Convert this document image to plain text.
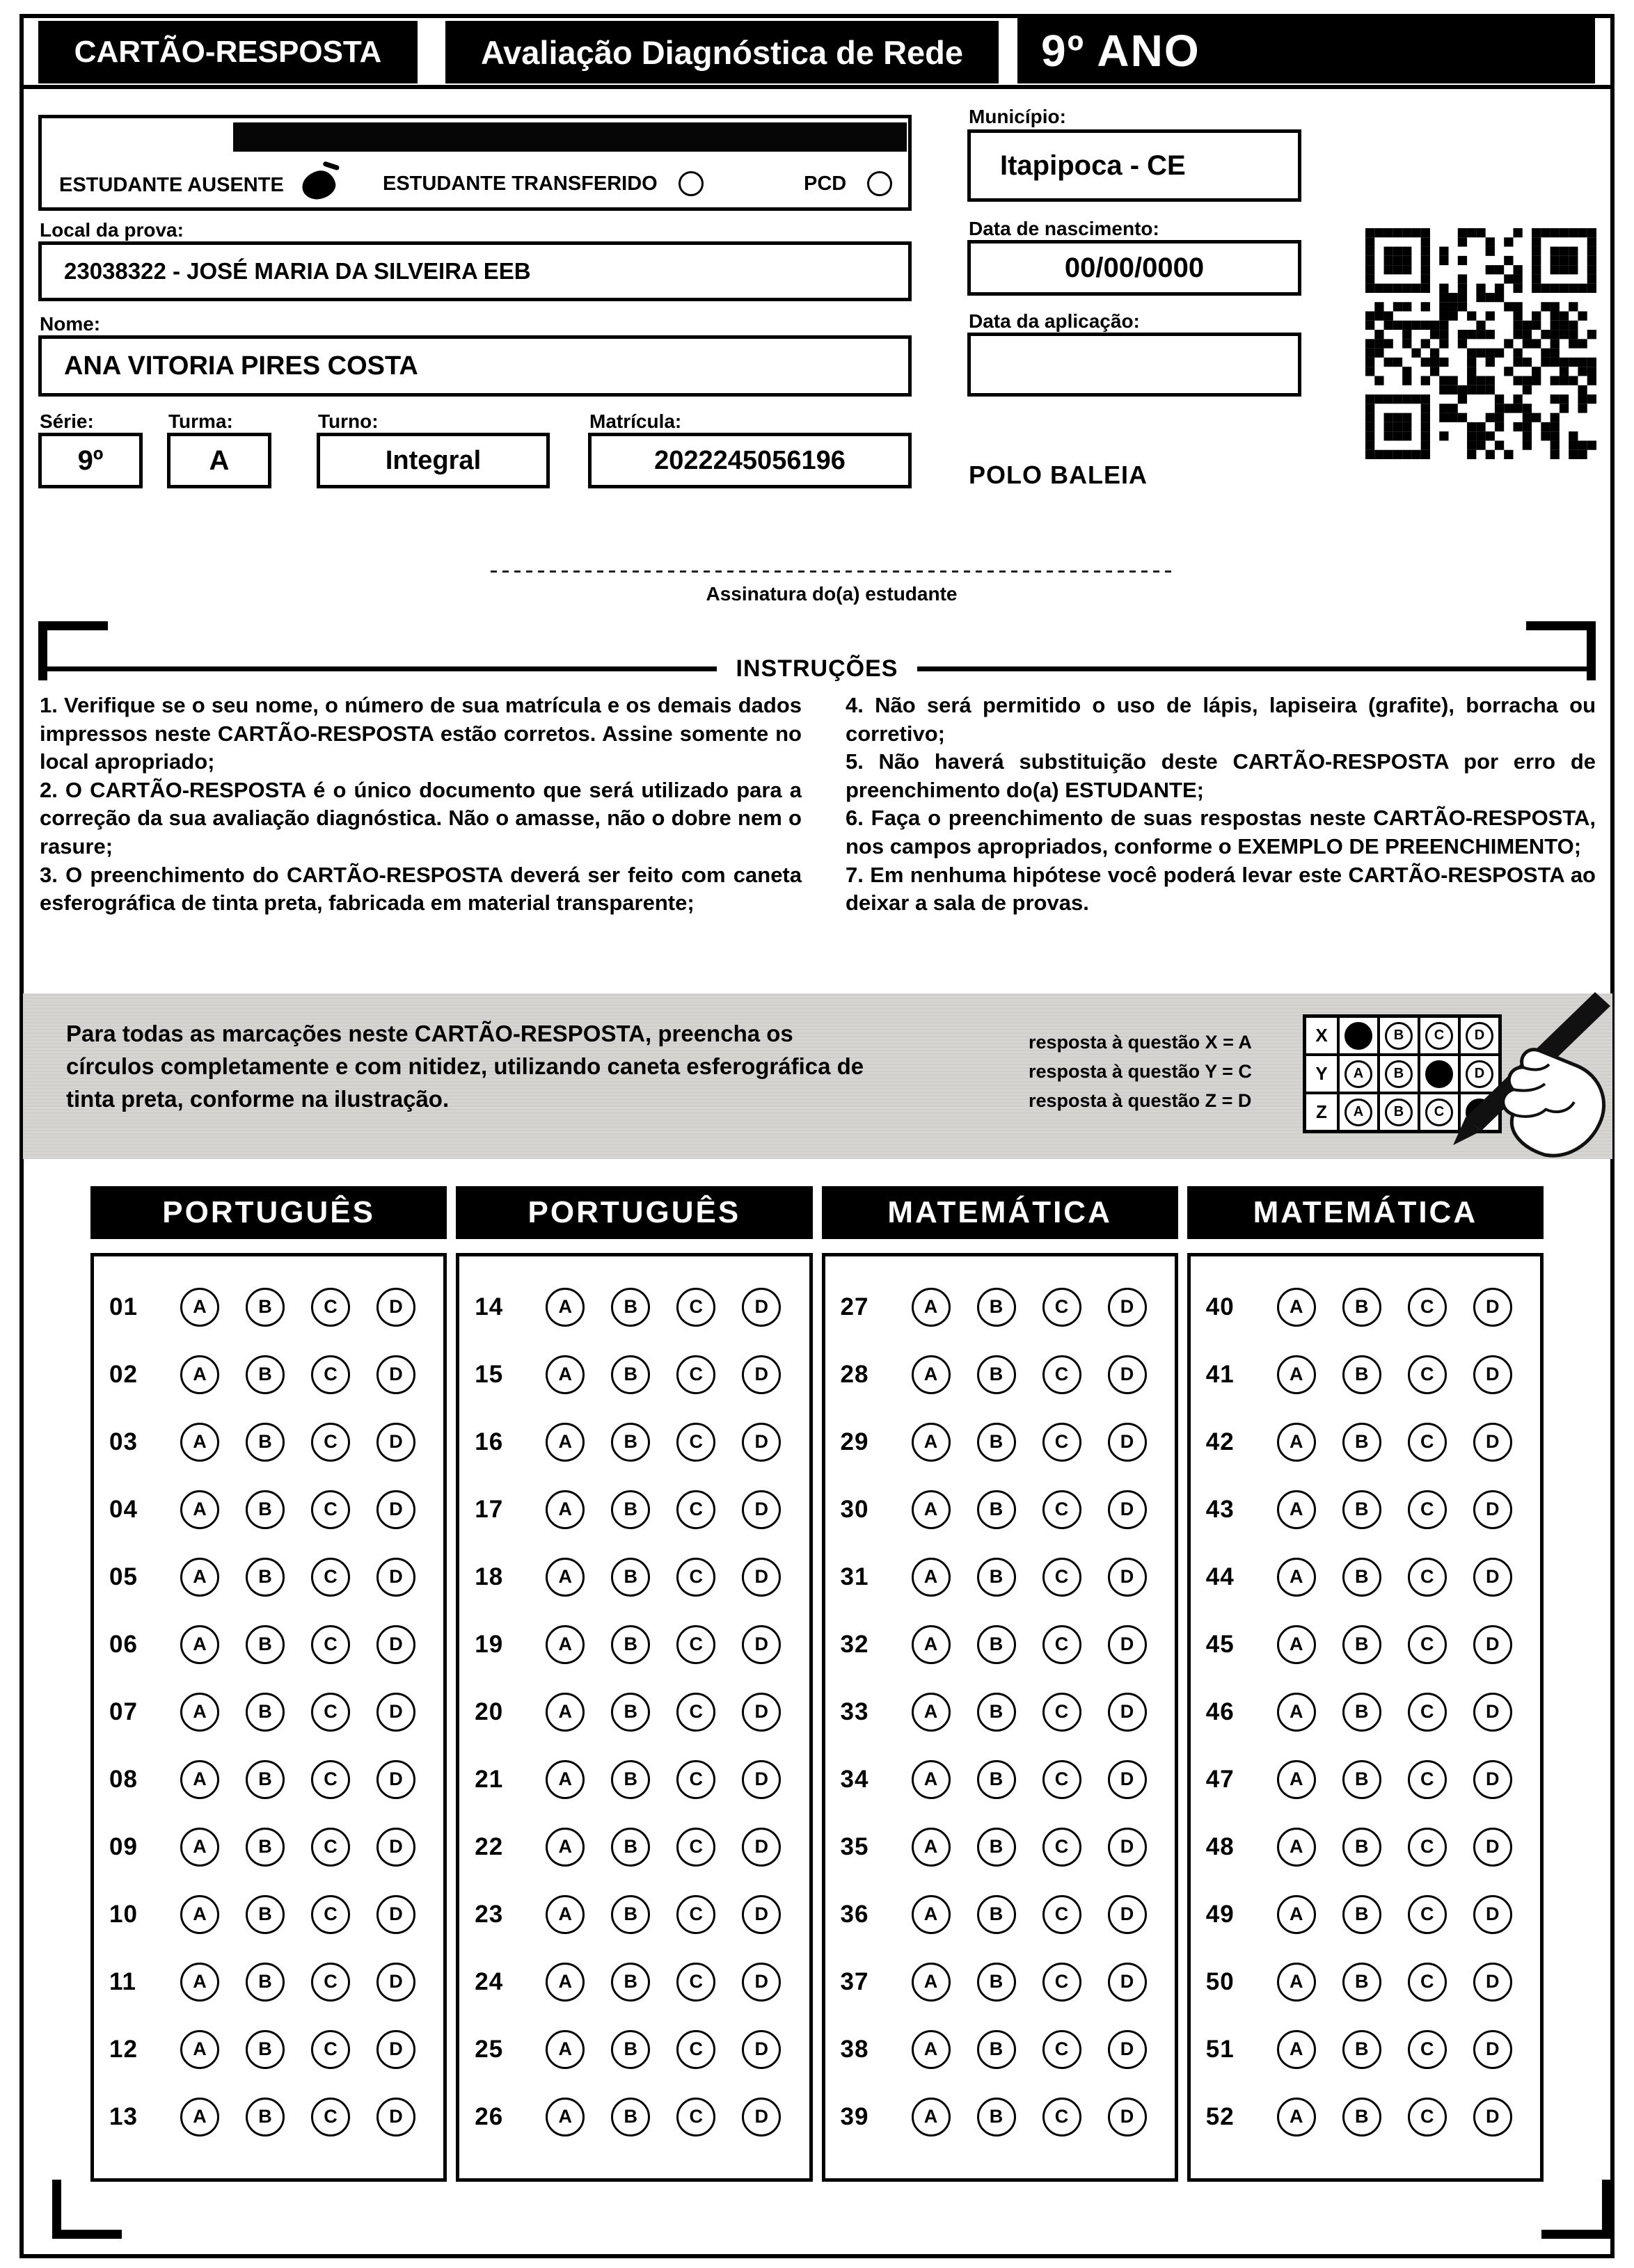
CARTÃO-RESPOSTA	Avaliação Diagnóstica de Rede	9º ANO
ESTUDANTE AUSENTE	ESTUDANTE TRANSFERIDO	PCD
Município:
Itapipoca - CE
Local da prova:
23038322 - JOSÉ MARIA DA SILVEIRA EEB
Data de nascimento:
00/00/0000
Nome:
ANA VITORIA PIRES COSTA
Data da aplicação:
Série:	Turma:	Turno:	Matrícula:
9º	A	Integral	2022245056196	POLO BALEIA
Assinatura do(a) estudante
INSTRUÇÕES

1. Verifique se o seu nome, o número de sua matrícula e os demais dados impressos neste CARTÃO-RESPOSTA estão corretos. Assine somente no local apropriado;

2. O CARTÃO-RESPOSTA é o único documento que será utilizado para a correção da sua avaliação diagnóstica. Não o amasse, não o dobre nem o rasure;

3. O preenchimento do CARTÃO-RESPOSTA deverá ser feito com caneta esferográfica de tinta preta, fabricada em material transparente;

4. Não será permitido o uso de lápis, lapiseira (grafite), borracha ou corretivo;

5. Não haverá substituição deste CARTÃO-RESPOSTA por erro de preenchimento do(a) ESTUDANTE;

6. Faça o preenchimento de suas respostas neste CARTÃO-RESPOSTA, nos campos apropriados, conforme o EXEMPLO DE PREENCHIMENTO;

7. Em nenhuma hipótese você poderá levar este CARTÃO-RESPOSTA ao deixar a sala de provas.

Para todas as marcações neste CARTÃO-RESPOSTA, preencha os círculos completamente e com nitidez, utilizando caneta esferográfica de tinta preta, conforme na ilustração.
resposta à questão X = A
resposta à questão Y = C
resposta à questão Z = D
X	B	C	D
Y	A	B	D
Z	A	B	C
PORTUGUÊS
01	A	B	C	D
02	A	B	C	D
03	A	B	C	D
04	A	B	C	D
05	A	B	C	D
06	A	B	C	D
07	A	B	C	D
08	A	B	C	D
09	A	B	C	D
10	A	B	C	D
11	A	B	C	D
12	A	B	C	D
13	A	B	C	D
PORTUGUÊS
14	A	B	C	D
15	A	B	C	D
16	A	B	C	D
17	A	B	C	D
18	A	B	C	D
19	A	B	C	D
20	A	B	C	D
21	A	B	C	D
22	A	B	C	D
23	A	B	C	D
24	A	B	C	D
25	A	B	C	D
26	A	B	C	D
MATEMÁTICA
27	A	B	C	D
28	A	B	C	D
29	A	B	C	D
30	A	B	C	D
31	A	B	C	D
32	A	B	C	D
33	A	B	C	D
34	A	B	C	D
35	A	B	C	D
36	A	B	C	D
37	A	B	C	D
38	A	B	C	D
39	A	B	C	D
MATEMÁTICA
40	A	B	C	D
41	A	B	C	D
42	A	B	C	D
43	A	B	C	D
44	A	B	C	D
45	A	B	C	D
46	A	B	C	D
47	A	B	C	D
48	A	B	C	D
49	A	B	C	D
50	A	B	C	D
51	A	B	C	D
52	A	B	C	D
